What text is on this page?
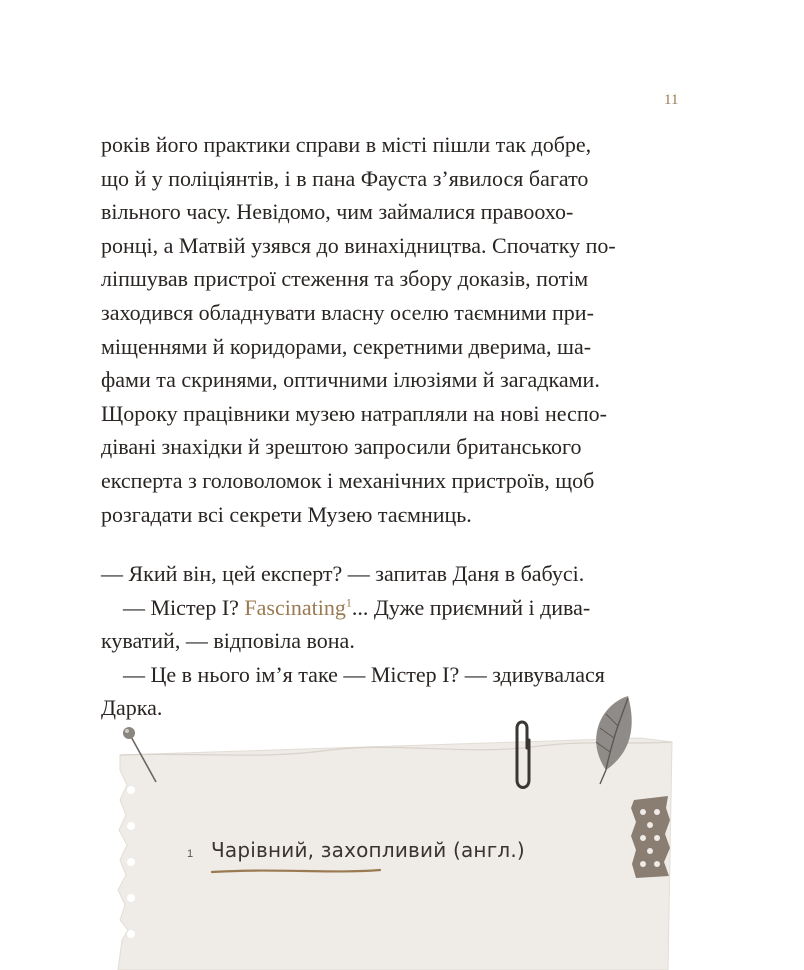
11
років його практики справи в місті пішли так добре,
що й у поліціянтів, і в пана Фауста з’явилося багато
вільного часу. Невідомо, чим займалися правоохо-
ронці, а Матвій узявся до винахідництва. Спочатку по-
ліпшував пристрої стеження та збору доказів, потім
заходився обладнувати власну оселю таємними при-
міщеннями й коридорами, секретними дверима, ша-
фами та скринями, оптичними ілюзіями й загадками.
Щороку працівники музею натрапляли на нові неспо-
дівані знахідки й зрештою запросили британського
експерта з головоломок і механічних пристроїв, щоб
розгадати всі секрети Музею таємниць.

— Який він, цей експерт? — запитав Даня в бабусі.

— Містер І? Fascinating$^1$... Дуже приємний і дива-

куватий, — відповіла вона.

— Це в нього ім’я таке — Містер І? — здивувалася

Дарка.

1 Чарівний, захопливий (англ.)
